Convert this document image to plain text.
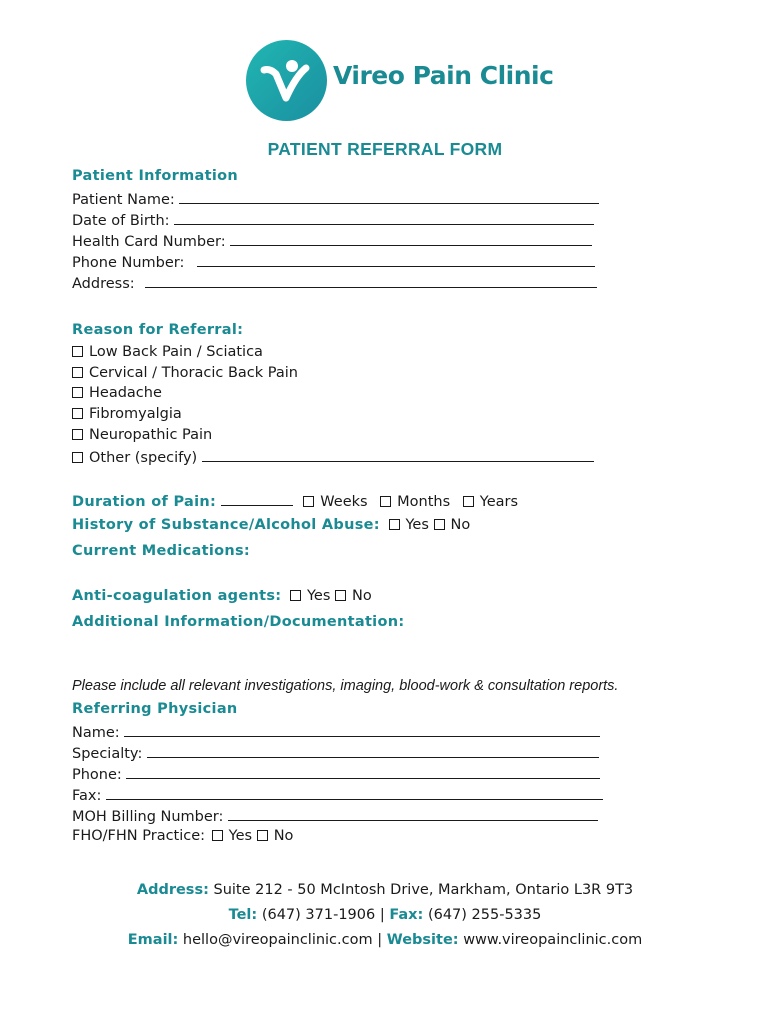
Vireo Pain Clinic
PATIENT REFERRAL FORM
Patient Information
Patient Name:
Date of Birth:
Health Card Number:
Phone Number:
Address:
Reason for Referral:
Low Back Pain / Sciatica
Cervical / Thoracic Back Pain
Headache
Fibromyalgia
Neuropathic Pain
Other (specify)
Duration of Pain:	Weeks Months Years
History of Substance/Alcohol Abuse: Yes No
Current Medications:
Anti-coagulation agents: Yes No
Additional Information/Documentation:
Please include all relevant investigations, imaging, blood-work & consultation reports.
Referring Physician
Name:
Specialty:
Phone:
Fax:
MOH Billing Number:
FHO/FHN Practice: Yes No
Address: Suite 212 - 50 McIntosh Drive, Markham, Ontario L3R 9T3
Tel: (647) 371-1906 | Fax: (647) 255-5335
Email: hello@vireopainclinic.com | Website: www.vireopainclinic.com
